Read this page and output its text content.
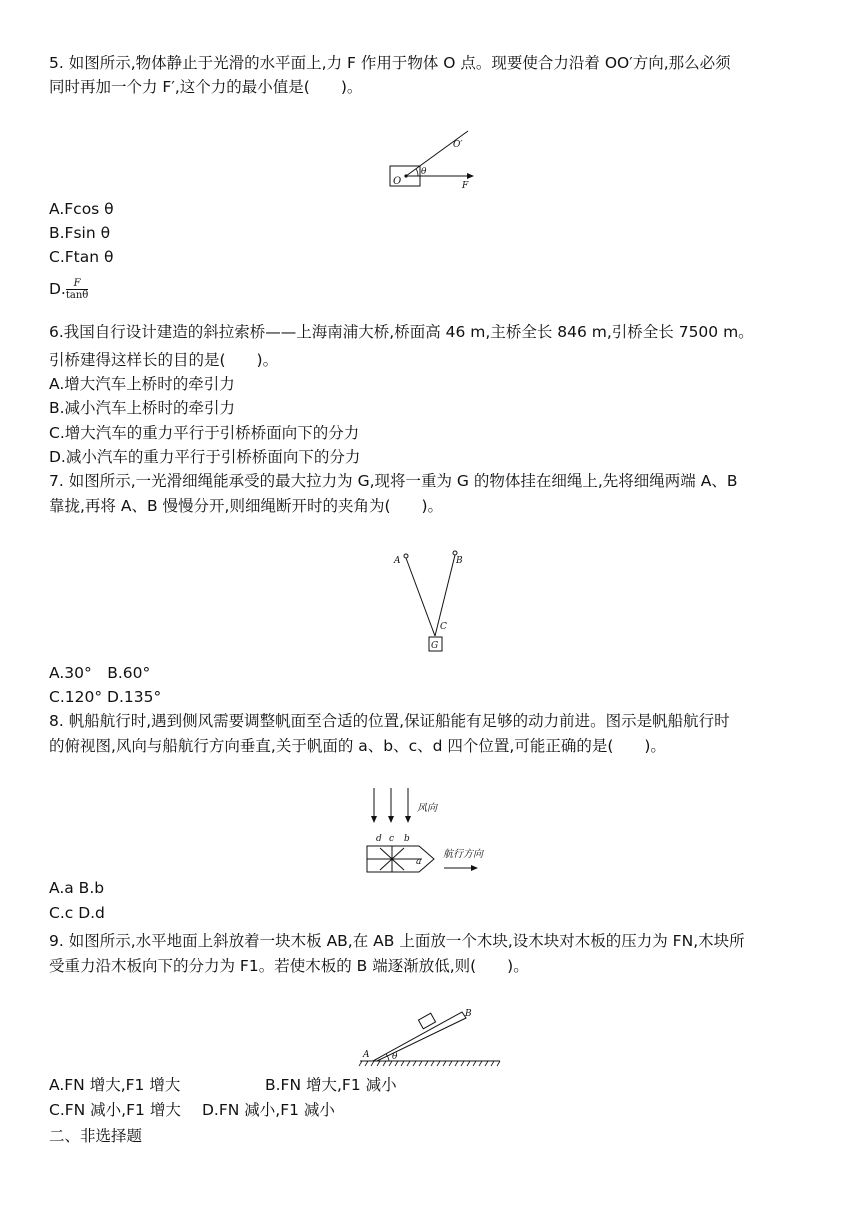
5. 如图所示,物体静止于光滑的水平面上,力 F 作用于物体 O 点。现要使合力沿着 OO′方向,那么必须
同时再加一个力 F′,这个力的最小值是(　　)。
O
O′
θ
F
A.Fcos θ
B.Fsin θ
C.Ftan θ
D. $\frac{F}{\tan\theta}$
6.我国自行设计建造的斜拉索桥——上海南浦大桥,桥面高 46 m,主桥全长 846 m,引桥全长 7500 m。
引桥建得这样长的目的是(　　)。
A.增大汽车上桥时的牵引力
B.减小汽车上桥时的牵引力
C.增大汽车的重力平行于引桥桥面向下的分力
D.减小汽车的重力平行于引桥桥面向下的分力
7. 如图所示,一光滑细绳能承受的最大拉力为 G,现将一重为 G 的物体挂在细绳上,先将细绳两端 A、B
靠拢,再将 A、B 慢慢分开,则细绳断开时的夹角为(　　)。
A	B
C
G
A.30°　B.60°
C.120° D.135°
8. 帆船航行时,遇到侧风需要调整帆面至合适的位置,保证船能有足够的动力前进。图示是帆船航行时
的俯视图,风向与船航行方向垂直,关于帆面的 a、b、c、d 四个位置,可能正确的是(　　)。
风向
d c b
a
航行方向
A.a B.b
C.c D.d
9. 如图所示,水平地面上斜放着一块木板 AB,在 AB 上面放一个木块,设木块对木板的压力为 FN,木块所
受重力沿木板向下的分力为 F1。若使木板的 B 端逐渐放低,则(　　)。
A
B
θ
A.FN 增大,F1 增大	B.FN 增大,F1 减小
C.FN 减小,F1 增大 D.FN 减小,F1 减小
二、非选择题
